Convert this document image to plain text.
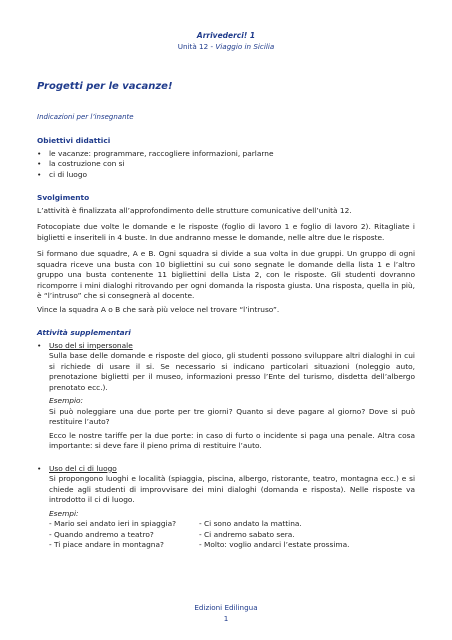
Arrivederci! 1
Unità 12 - Viaggio in Sicilia
Progetti per le vacanze!
Indicazioni per l’insegnante
Obiettivi didattici
• le vacanze: programmare, raccogliere informazioni, parlarne
• la costruzione con si
• ci di luogo
Svolgimento

L’attività è finalizzata all’approfondimento delle strutture comunicative dell’unità 12.

Fotocopiate due volte le domande e le risposte (foglio di lavoro 1 e foglio di lavoro 2). Ritagliate i biglietti e inseriteli in 4 buste. In due andranno messe le domande, nelle altre due le risposte.

Si formano due squadre, A e B. Ogni squadra si divide a sua volta in due gruppi. Un gruppo di ogni squadra riceve una busta con 10 bigliettini su cui sono segnate le domande della lista 1 e l’altro gruppo una busta contenente 11 bigliettini della Lista 2, con le risposte. Gli studenti dovranno ricomporre i mini dialoghi ritrovando per ogni domanda la risposta giusta. Una risposta, quella in più, è “l’intruso” che si consegnerà al docente.

Vince la squadra A o B che sarà più veloce nel trovare “l’intruso”.

Attività supplementari
• Uso del si impersonale

Sulla base delle domande e risposte del gioco, gli studenti possono sviluppare altri dialoghi in cui si richiede di usare il si. Se necessario si indicano particolari situazioni (noleggio auto, prenotazione biglietti per il museo, informazioni presso l’Ente del turismo, disdetta dell’albergo prenotato ecc.).

Esempio:

Si può noleggiare una due porte per tre giorni? Quanto si deve pagare al giorno? Dove si può restituire l’auto?

Ecco le nostre tariffe per la due porte: in caso di furto o incidente si paga una penale. Altra cosa importante: si deve fare il pieno prima di restituire l’auto.

• Uso del ci di luogo

Si propongono luoghi e località (spiaggia, piscina, albergo, ristorante, teatro, montagna ecc.) e si chiede agli studenti di improvvisare dei mini dialoghi (domanda e risposta). Nelle risposte va introdotto il ci di luogo.

Esempi:
- Mario sei andato ieri in spiaggia?	- Ci sono andato la mattina.
- Quando andremo a teatro?	- Ci andremo sabato sera.
- Ti piace andare in montagna?	- Molto: voglio andarci l’estate prossima.
Edizioni Edilingua
1
